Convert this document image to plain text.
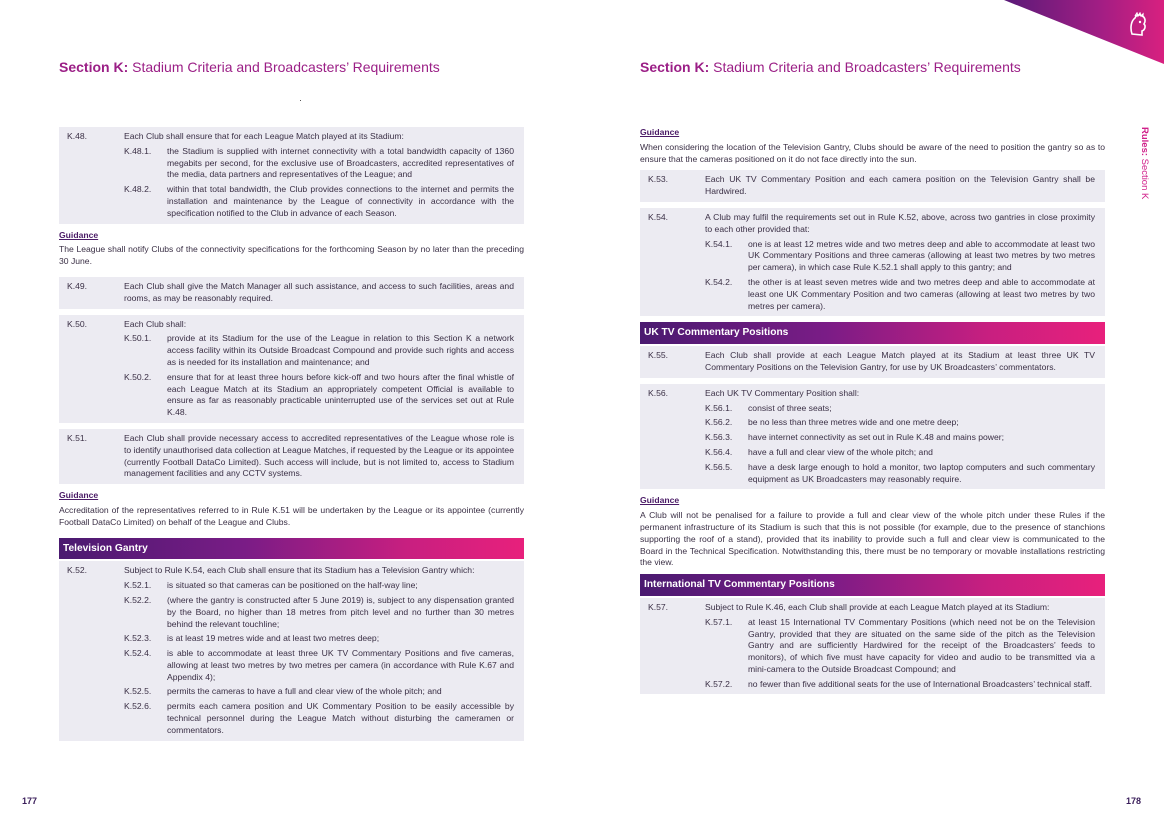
Section K: Stadium Criteria and Broadcasters’ Requirements
K.48.	Each Club shall ensure that for each League Match played at its Stadium:
K.48.1.	the Stadium is supplied with internet connectivity with a total bandwidth capacity of 1360 megabits per second, for the exclusive use of Broadcasters, accredited representatives of the media, data partners and representatives of the League; and
K.48.2.	within that total bandwidth, the Club provides connections to the internet and permits the installation and maintenance by the League of connectivity in accordance with the specification notified to the Club in advance of each Season.
Guidance
The League shall notify Clubs of the connectivity specifications for the forthcoming Season by no later than the preceding 30 June.
K.49.	Each Club shall give the Match Manager all such assistance, and access to such facilities, areas and rooms, as may be reasonably required.
K.50.	Each Club shall:
K.50.1.	provide at its Stadium for the use of the League in relation to this Section K a network access facility within its Outside Broadcast Compound and provide such rights and access as is needed for its installation and maintenance; and
K.50.2.	ensure that for at least three hours before kick-off and two hours after the final whistle of each League Match at its Stadium an appropriately competent Official is available to ensure as far as reasonably practicable uninterrupted use of the services set out at Rule K.48.
K.51.	Each Club shall provide necessary access to accredited representatives of the League whose role is to identify unauthorised data collection at League Matches, if requested by the League or its appointee (currently Football DataCo Limited). Such access will include, but is not limited to, access to Stadium management facilities and any CCTV systems.
Guidance
Accreditation of the representatives referred to in Rule K.51 will be undertaken by the League or its appointee (currently Football DataCo Limited) on behalf of the League and Clubs.
Television Gantry
K.52.	Subject to Rule K.54, each Club shall ensure that its Stadium has a Television Gantry which:
K.52.1.	is situated so that cameras can be positioned on the half-way line;
K.52.2.	(where the gantry is constructed after 5 June 2019) is, subject to any dispensation granted by the Board, no higher than 18 metres from pitch level and no further than 30 metres behind the relevant touchline;
K.52.3.	is at least 19 metres wide and at least two metres deep;
K.52.4.	is able to accommodate at least three UK TV Commentary Positions and five cameras, allowing at least two metres by two metres per camera (in accordance with Rule K.67 and Appendix 4);
K.52.5.	permits the cameras to have a full and clear view of the whole pitch; and
K.52.6.	permits each camera position and UK Commentary Position to be easily accessible by technical personnel during the League Match without disturbing the cameramen or commentators.
177
Section K: Stadium Criteria and Broadcasters’ Requirements
Rules: Section K
Guidance
When considering the location of the Television Gantry, Clubs should be aware of the need to position the gantry so as to ensure that the cameras positioned on it do not face directly into the sun.
K.53.	Each UK TV Commentary Position and each camera position on the Television Gantry shall be Hardwired.
K.54.	A Club may fulfil the requirements set out in Rule K.52, above, across two gantries in close proximity to each other provided that:
K.54.1.	one is at least 12 metres wide and two metres deep and able to accommodate at least two UK Commentary Positions and three cameras (allowing at least two metres by two metres per camera), in which case Rule K.52.1 shall apply to this gantry; and
K.54.2.	the other is at least seven metres wide and two metres deep and able to accommodate at least one UK Commentary Position and two cameras (allowing at least two metres by two metres per camera).
UK TV Commentary Positions
K.55.	Each Club shall provide at each League Match played at its Stadium at least three UK TV Commentary Positions on the Television Gantry, for use by UK Broadcasters’ commentators.
K.56.	Each UK TV Commentary Position shall:
K.56.1.	consist of three seats;
K.56.2.	be no less than three metres wide and one metre deep;
K.56.3.	have internet connectivity as set out in Rule K.48 and mains power;
K.56.4.	have a full and clear view of the whole pitch; and
K.56.5.	have a desk large enough to hold a monitor, two laptop computers and such commentary equipment as UK Broadcasters may reasonably require.
Guidance
A Club will not be penalised for a failure to provide a full and clear view of the whole pitch under these Rules if the permanent infrastructure of its Stadium is such that this is not possible (for example, due to the presence of stanchions supporting the roof of a stand), provided that its inability to provide such a full and clear view is communicated to the Board in the Technical Specification. Notwithstanding this, there must be no temporary or movable installations restricting the view.
International TV Commentary Positions
K.57.	Subject to Rule K.46, each Club shall provide at each League Match played at its Stadium:
K.57.1.	at least 15 International TV Commentary Positions (which need not be on the Television Gantry, provided that they are situated on the same side of the pitch as the Television Gantry and are sufficiently Hardwired for the receipt of the Broadcasters’ feeds to monitors), of which five must have capacity for video and audio to be transmitted via a mini-camera to the Outside Broadcast Compound; and
K.57.2.	no fewer than five additional seats for the use of International Broadcasters’ technical staff.
178
